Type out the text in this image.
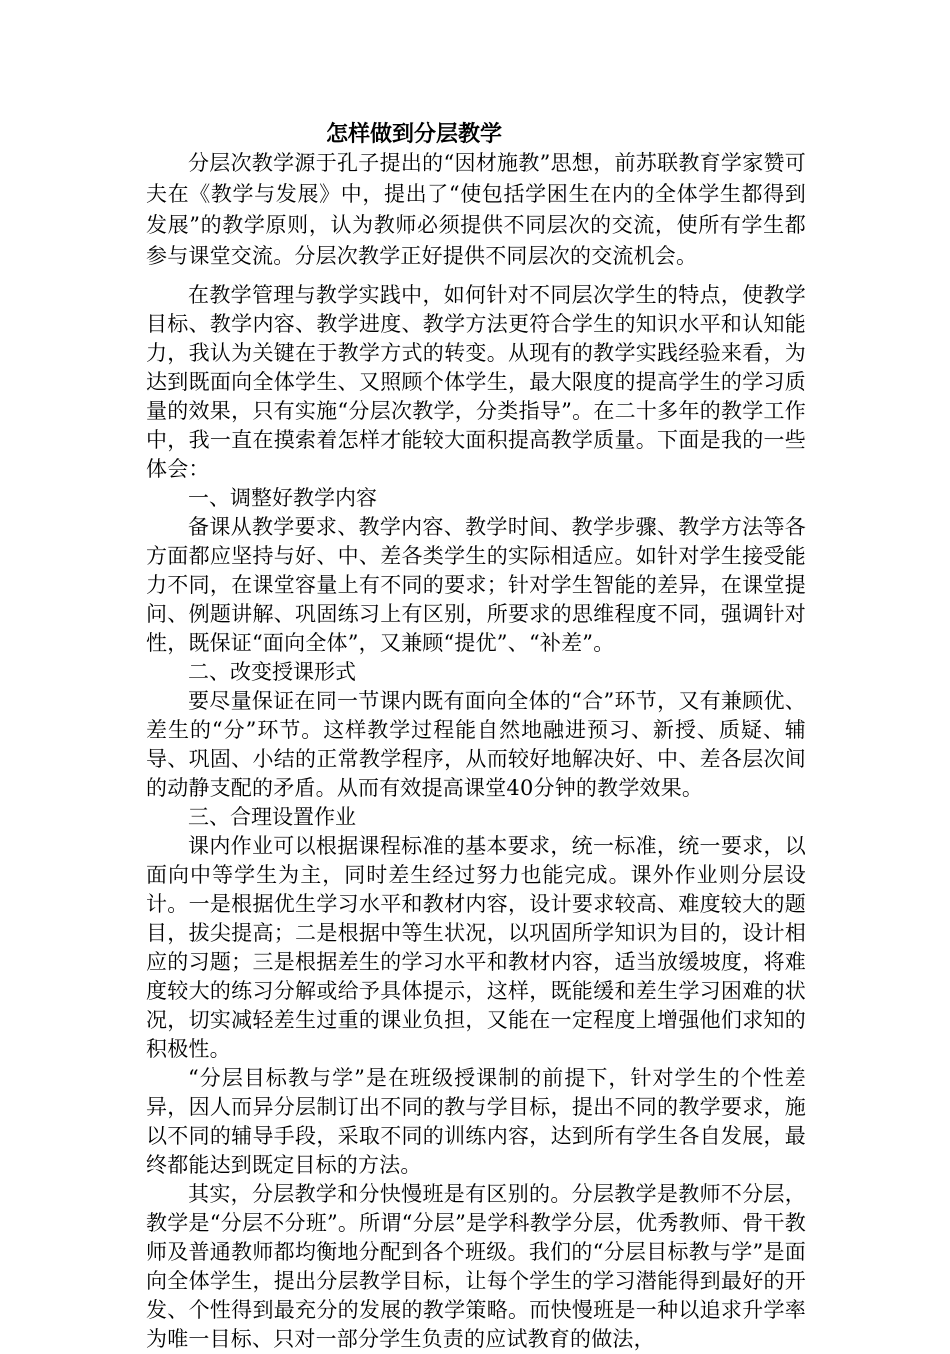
怎样做到分层教学

分层次教学源于孔子提出的“因材施教”思想，前苏联教育学家赞可夫在《教学与发展》中，提出了“使包括学困生在内的全体学生都得到发展”的教学原则，认为教师必须提供不同层次的交流，使所有学生都参与课堂交流。分层次教学正好提供不同层次的交流机会。

在教学管理与教学实践中，如何针对不同层次学生的特点，使教学目标、教学内容、教学进度、教学方法更符合学生的知识水平和认知能力，我认为关键在于教学方式的转变。从现有的教学实践经验来看，为达到既面向全体学生、又照顾个体学生，最大限度的提高学生的学习质量的效果，只有实施“分层次教学，分类指导”。在二十多年的教学工作中，我一直在摸索着怎样才能较大面积提高教学质量。下面是我的一些体会：

一、调整好教学内容

备课从教学要求、教学内容、教学时间、教学步骤、教学方法等各方面都应坚持与好、中、差各类学生的实际相适应。如针对学生接受能力不同，在课堂容量上有不同的要求；针对学生智能的差异，在课堂提问、例题讲解、巩固练习上有区别，所要求的思维程度不同，强调针对性，既保证“面向全体”，又兼顾“提优”、“补差”。

二、改变授课形式

要尽量保证在同一节课内既有面向全体的“合”环节，又有兼顾优、差生的“分”环节。这样教学过程能自然地融进预习、新授、质疑、辅导、巩固、小结的正常教学程序，从而较好地解决好、中、差各层次间的动静支配的矛盾。从而有效提高课堂40分钟的教学效果。

三、合理设置作业

课内作业可以根据课程标准的基本要求，统一标准，统一要求，以面向中等学生为主，同时差生经过努力也能完成。课外作业则分层设计。一是根据优生学习水平和教材内容，设计要求较高、难度较大的题目，拔尖提高；二是根据中等生状况，以巩固所学知识为目的，设计相应的习题；三是根据差生的学习水平和教材内容，适当放缓坡度，将难度较大的练习分解或给予具体提示，这样，既能缓和差生学习困难的状况，切实减轻差生过重的课业负担，又能在一定程度上增强他们求知的积极性。

“分层目标教与学”是在班级授课制的前提下，针对学生的个性差异，因人而异分层制订出不同的教与学目标，提出不同的教学要求，施以不同的辅导手段，采取不同的训练内容，达到所有学生各自发展，最终都能达到既定目标的方法。

其实，分层教学和分快慢班是有区别的。分层教学是教师不分层，教学是“分层不分班”。所谓“分层”是学科教学分层，优秀教师、骨干教师及普通教师都均衡地分配到各个班级。我们的“分层目标教与学”是面向全体学生，提出分层教学目标，让每个学生的学习潜能得到最好的开发、个性得到最充分的发展的教学策略。而快慢班是一种以追求升学率为唯一目标、只对一部分学生负责的应试教育的做法，
